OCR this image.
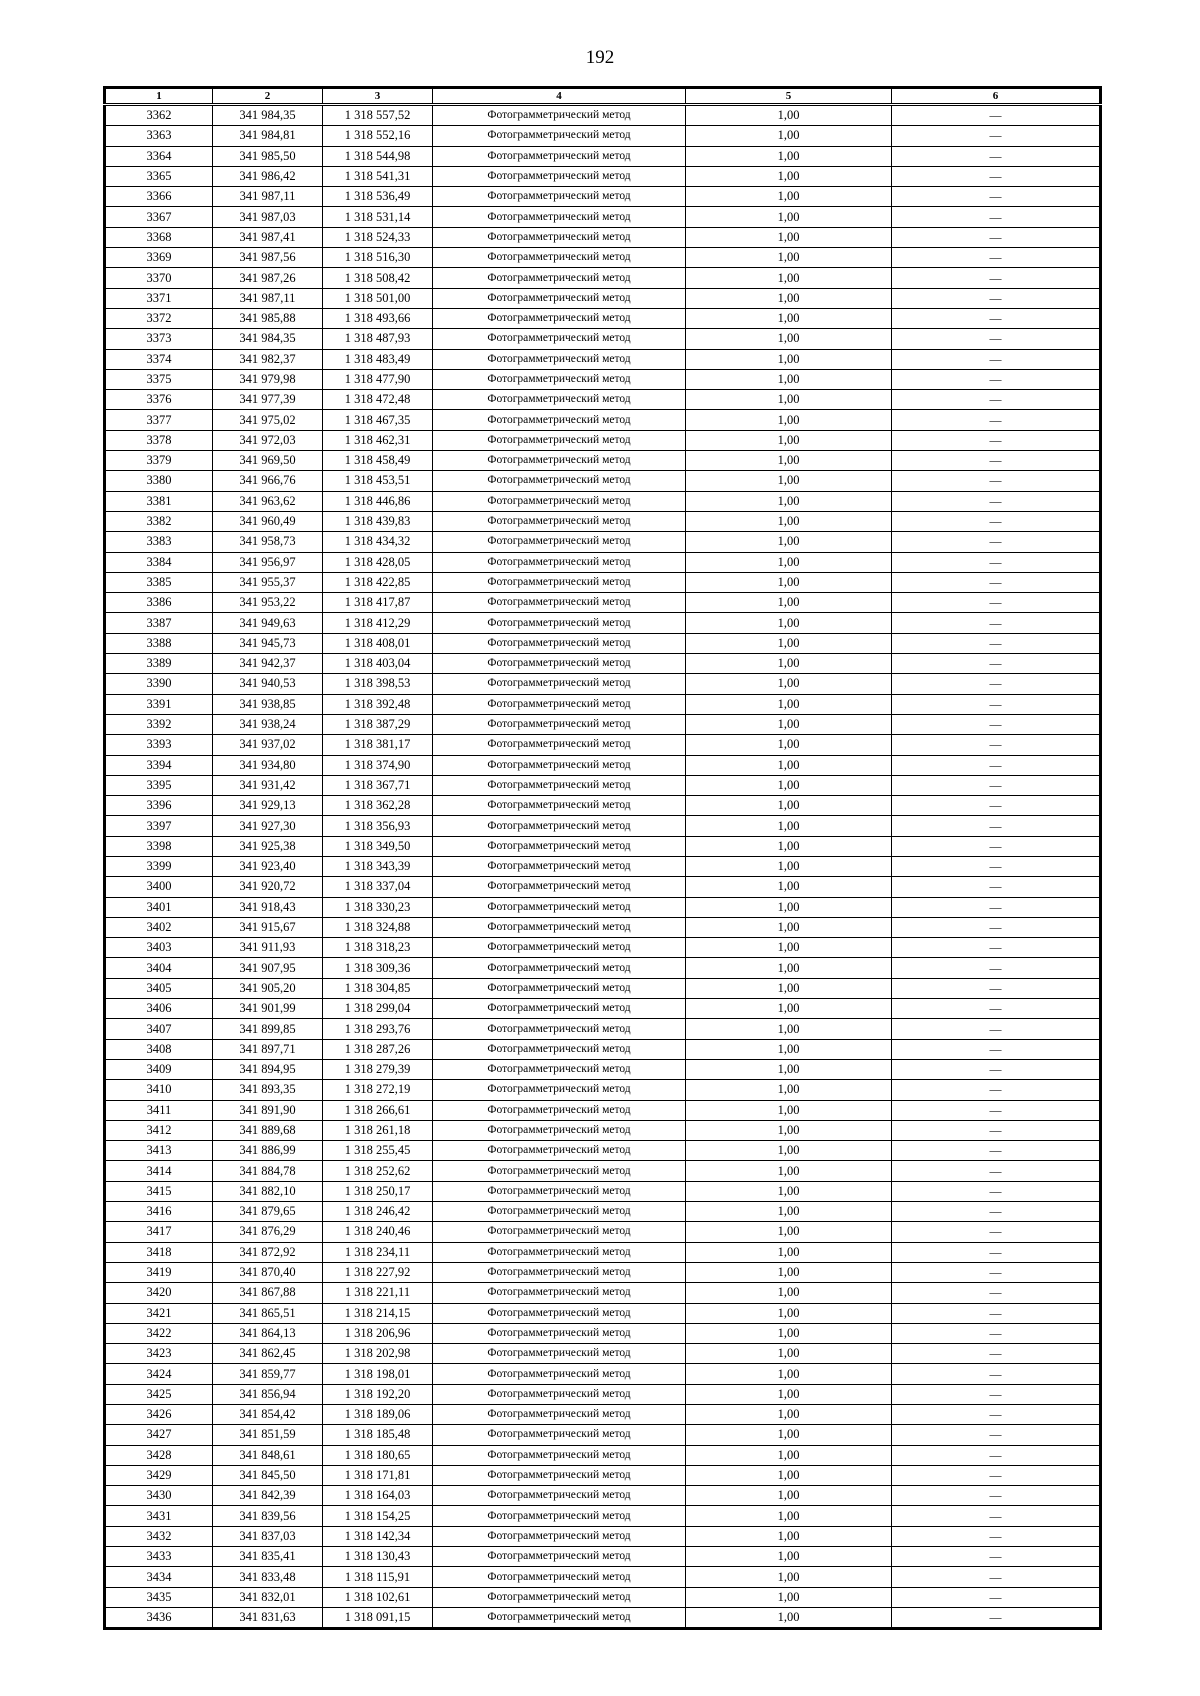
192
1	2	3	4	5	6
3362	341 984,35	1 318 557,52	Фотограмметрический метод	1,00	—
3363	341 984,81	1 318 552,16	Фотограмметрический метод	1,00	—
3364	341 985,50	1 318 544,98	Фотограмметрический метод	1,00	—
3365	341 986,42	1 318 541,31	Фотограмметрический метод	1,00	—
3366	341 987,11	1 318 536,49	Фотограмметрический метод	1,00	—
3367	341 987,03	1 318 531,14	Фотограмметрический метод	1,00	—
3368	341 987,41	1 318 524,33	Фотограмметрический метод	1,00	—
3369	341 987,56	1 318 516,30	Фотограмметрический метод	1,00	—
3370	341 987,26	1 318 508,42	Фотограмметрический метод	1,00	—
3371	341 987,11	1 318 501,00	Фотограмметрический метод	1,00	—
3372	341 985,88	1 318 493,66	Фотограмметрический метод	1,00	—
3373	341 984,35	1 318 487,93	Фотограмметрический метод	1,00	—
3374	341 982,37	1 318 483,49	Фотограмметрический метод	1,00	—
3375	341 979,98	1 318 477,90	Фотограмметрический метод	1,00	—
3376	341 977,39	1 318 472,48	Фотограмметрический метод	1,00	—
3377	341 975,02	1 318 467,35	Фотограмметрический метод	1,00	—
3378	341 972,03	1 318 462,31	Фотограмметрический метод	1,00	—
3379	341 969,50	1 318 458,49	Фотограмметрический метод	1,00	—
3380	341 966,76	1 318 453,51	Фотограмметрический метод	1,00	—
3381	341 963,62	1 318 446,86	Фотограмметрический метод	1,00	—
3382	341 960,49	1 318 439,83	Фотограмметрический метод	1,00	—
3383	341 958,73	1 318 434,32	Фотограмметрический метод	1,00	—
3384	341 956,97	1 318 428,05	Фотограмметрический метод	1,00	—
3385	341 955,37	1 318 422,85	Фотограмметрический метод	1,00	—
3386	341 953,22	1 318 417,87	Фотограмметрический метод	1,00	—
3387	341 949,63	1 318 412,29	Фотограмметрический метод	1,00	—
3388	341 945,73	1 318 408,01	Фотограмметрический метод	1,00	—
3389	341 942,37	1 318 403,04	Фотограмметрический метод	1,00	—
3390	341 940,53	1 318 398,53	Фотограмметрический метод	1,00	—
3391	341 938,85	1 318 392,48	Фотограмметрический метод	1,00	—
3392	341 938,24	1 318 387,29	Фотограмметрический метод	1,00	—
3393	341 937,02	1 318 381,17	Фотограмметрический метод	1,00	—
3394	341 934,80	1 318 374,90	Фотограмметрический метод	1,00	—
3395	341 931,42	1 318 367,71	Фотограмметрический метод	1,00	—
3396	341 929,13	1 318 362,28	Фотограмметрический метод	1,00	—
3397	341 927,30	1 318 356,93	Фотограмметрический метод	1,00	—
3398	341 925,38	1 318 349,50	Фотограмметрический метод	1,00	—
3399	341 923,40	1 318 343,39	Фотограмметрический метод	1,00	—
3400	341 920,72	1 318 337,04	Фотограмметрический метод	1,00	—
3401	341 918,43	1 318 330,23	Фотограмметрический метод	1,00	—
3402	341 915,67	1 318 324,88	Фотограмметрический метод	1,00	—
3403	341 911,93	1 318 318,23	Фотограмметрический метод	1,00	—
3404	341 907,95	1 318 309,36	Фотограмметрический метод	1,00	—
3405	341 905,20	1 318 304,85	Фотограмметрический метод	1,00	—
3406	341 901,99	1 318 299,04	Фотограмметрический метод	1,00	—
3407	341 899,85	1 318 293,76	Фотограмметрический метод	1,00	—
3408	341 897,71	1 318 287,26	Фотограмметрический метод	1,00	—
3409	341 894,95	1 318 279,39	Фотограмметрический метод	1,00	—
3410	341 893,35	1 318 272,19	Фотограмметрический метод	1,00	—
3411	341 891,90	1 318 266,61	Фотограмметрический метод	1,00	—
3412	341 889,68	1 318 261,18	Фотограмметрический метод	1,00	—
3413	341 886,99	1 318 255,45	Фотограмметрический метод	1,00	—
3414	341 884,78	1 318 252,62	Фотограмметрический метод	1,00	—
3415	341 882,10	1 318 250,17	Фотограмметрический метод	1,00	—
3416	341 879,65	1 318 246,42	Фотограмметрический метод	1,00	—
3417	341 876,29	1 318 240,46	Фотограмметрический метод	1,00	—
3418	341 872,92	1 318 234,11	Фотограмметрический метод	1,00	—
3419	341 870,40	1 318 227,92	Фотограмметрический метод	1,00	—
3420	341 867,88	1 318 221,11	Фотограмметрический метод	1,00	—
3421	341 865,51	1 318 214,15	Фотограмметрический метод	1,00	—
3422	341 864,13	1 318 206,96	Фотограмметрический метод	1,00	—
3423	341 862,45	1 318 202,98	Фотограмметрический метод	1,00	—
3424	341 859,77	1 318 198,01	Фотограмметрический метод	1,00	—
3425	341 856,94	1 318 192,20	Фотограмметрический метод	1,00	—
3426	341 854,42	1 318 189,06	Фотограмметрический метод	1,00	—
3427	341 851,59	1 318 185,48	Фотограмметрический метод	1,00	—
3428	341 848,61	1 318 180,65	Фотограмметрический метод	1,00	—
3429	341 845,50	1 318 171,81	Фотограмметрический метод	1,00	—
3430	341 842,39	1 318 164,03	Фотограмметрический метод	1,00	—
3431	341 839,56	1 318 154,25	Фотограмметрический метод	1,00	—
3432	341 837,03	1 318 142,34	Фотограмметрический метод	1,00	—
3433	341 835,41	1 318 130,43	Фотограмметрический метод	1,00	—
3434	341 833,48	1 318 115,91	Фотограмметрический метод	1,00	—
3435	341 832,01	1 318 102,61	Фотограмметрический метод	1,00	—
3436	341 831,63	1 318 091,15	Фотограмметрический метод	1,00	—
